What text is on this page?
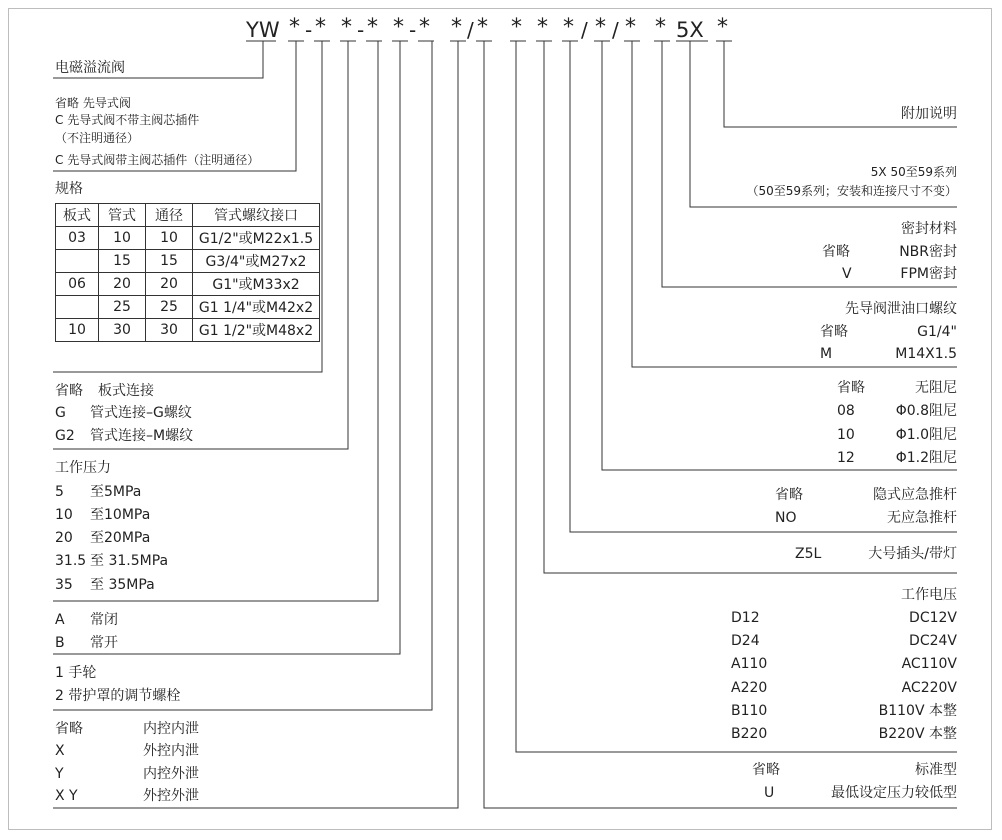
YW * - * * - * * - * * / * * * * / * / * * 5X *
电磁溢流阀
省略 先导式阀
C 先导式阀不带主阀芯插件
（不注明通径）
C 先导式阀带主阀芯插件（注明通径）
规格
板式	管式	通径	管式螺纹接口
03	10	10	G1/2"或M22x1.5
	15	15	G3/4"或M27x2
06	20	20	G1"或M33x2
	25	25	G1 1/4"或M42x2
10	30	30	G1 1/2"或M48x2
省略 板式连接
G 管式连接–G螺纹
G2 管式连接–M螺纹
工作压力
5 至5MPa
10 至10MPa
20 至20MPa
31.5 至 31.5MPa
35 至 35MPa
A 常闭
B 常开
1 手轮
2 带护罩的调节螺栓
省略	内控内泄
X	外控内泄
Y	内控外泄
X Y	外控外泄
附加说明
5X 50至59系列
（50至59系列；安装和连接尺寸不变）
密封材料
省略	NBR密封
V	FPM密封
先导阀泄油口螺纹
省略	G1/4"
M	M14X1.5
省略	无阻尼
08	Φ0.8阻尼
10	Φ1.0阻尼
12	Φ1.2阻尼
省略	隐式应急推杆
NO	无应急推杆
Z5L	大号插头/带灯
工作电压
D12	DC12V
D24	DC24V
A110	AC110V
A220	AC220V
B110	B110V 本整
B220	B220V 本整
省略	标准型
U	最低设定压力较低型
